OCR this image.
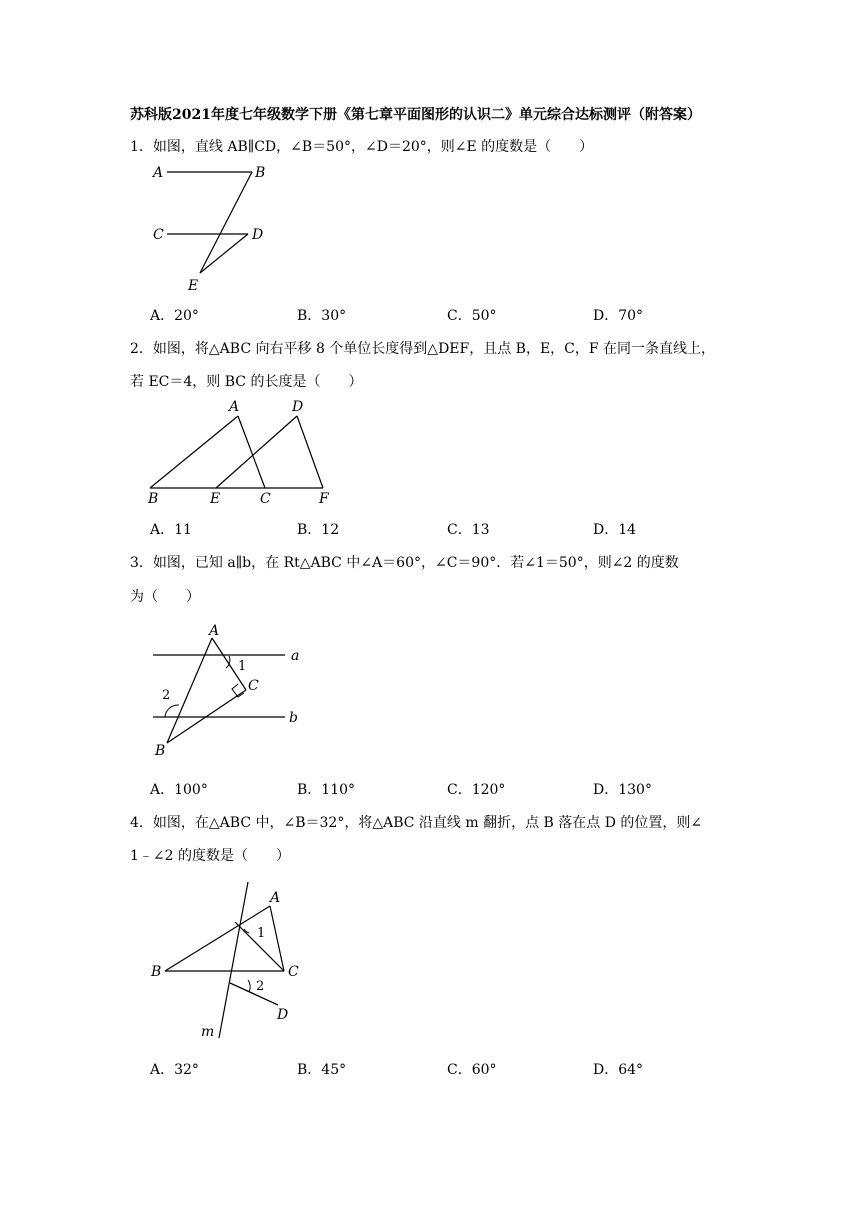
苏科版2021年度七年级数学下册《第七章平面图形的认识二》单元综合达标测评（附答案）
1．如图，直线 AB∥CD，∠B＝50°，∠D＝20°，则∠E 的度数是（　　）
A	B
C	D
E
A．20°	B．30°	C．50°	D．70°
2．如图，将△ABC 向右平移 8 个单位长度得到△DEF，且点 B，E，C，F 在同一条直线上，
若 EC＝4，则 BC 的长度是（　　）
A	D
B	E	C	F
A．11	B．12	C．13	D．14
3．如图，已知 a∥b，在 Rt△ABC 中∠A＝60°，∠C＝90°．若∠1＝50°，则∠2 的度数
为（　　）
A
C
B
a
b
1
2
A．100°	B．110°	C．120°	D．130°
4．如图，在△ABC 中，∠B＝32°，将△ABC 沿直线 m 翻折，点 B 落在点 D 的位置，则∠
1﹣∠2 的度数是（　　）
A
B	C
D
m
1
2
A．32°	B．45°	C．60°	D．64°
